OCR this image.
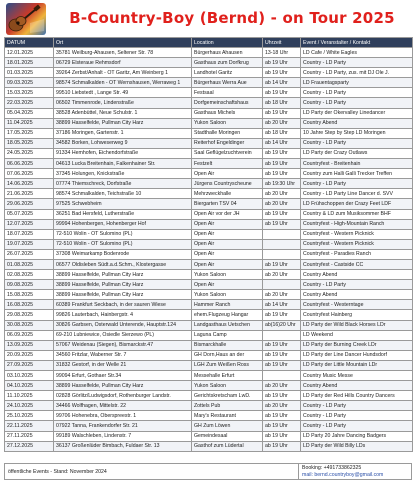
B-Country-Boy (Bernd) - on Tour 2025
DATUM	Ort	Location	Uhrzeit	Event / Veranstalter / Kontakt
12.01.2025	35781 Weilburg-Ahausen, Seltener Str. 78	Bürgerhaus Ahausen	13-18 Uhr	LD Cafe / White Eagles
18.01.2025	06729 Elsteraue Rehmsdorf	Gasthaus zum Dorfkrug	ab 19 Uhr	Country - LD Party
01.03.2025	39264 Zerbst/Anhalt - OT Garitz, Am Weinberg 1	Landhotel Garitz	ab 19 Uhr	Country - LD Party, zus. mit DJ Ole J.
09.03.2025	98574 Schmalkalden - OT Wernshausen, Werraweg 1	Bürgerhaus Werra Aue	ab 14 Uhr	LD Frauentagsparty
15.03.2025	99510 Liebstedt , Lange Str. 49	Festsaal	ab 19 Uhr	Country - LD Party
22.03.2025	06502 Timmenrode, Lindenstraße	Dorfgemeinschaftshaus	ab 18 Uhr	Country - LD Party
05.04.2025	38528 Adenbüttel, Neue Schulstr. 1	Gasthaus Michels	ab 19 Uhr	LD Party der Okervalley Linedancer
11.04.2025	38899 Hasselfelde, Pullman City Harz	Yukon Saloon	ab 20 Uhr	Country Abend
17.05.2025	37186 Moringen, Gartenstr. 1	Stadthalle Moringen	ab 18 Uhr	10 Jahre Step by Step LD Moringen
18.05.2025	34582 Borken, Lohweserweg 9	Reiterhof Engeldinger	ab 14 Uhr	Country - LD Party
24.05.2025	91334 Hemhofen, Eichendorfstraße	Saal Geflügelzuchtverein	ab 19 Uhr	LD Party der Crazy Outlaws
06.06.2025	04613 Lucka Breitenhain, Falkenhainer Str.	Festzelt	ab 19 Uhr	Countryfest - Breitenhain
07.06.2025	37345 Holungen, Knickstraße	Open Air	ab 19 Uhr	Country zum Halli Galli Trecker Treffen
14.06.2025	07774 Thiemschreck, Dorfstraße	Jürgens Countryscheune	ab 19:30 Uhr	Country - LD Party
21.06.2025	98574 Schmalkalden, Teichstraße 10	Mehrzweckhalle	ab 20 Uhr	Country - LD Party Line Dancer d. SVV
29.06.2025	97525 Schwebheim	Biergarten TSV 04	ab 20 Uhr	LD Frühschoppen der Crazy Feet LDF
05.07.2025	36251 Bad Hersfeld, Lutherstraße	Open Air vor der JH	ab 19 Uhr	Country & LD zum Musiksommer BHF
12.07.2025	99994 Hohenbergen, Hohenberger Hof	Open Air	ab 19 Uhr	Countryfest - High-Mountain Ranch
18.07.2025	72-510 Wolin - OT Sulomino (PL)	Open Air		Countryfest - Western Picknick
19.07.2025	72-510 Wolin - OT Sulomino (PL)	Open Air		Countryfest - Western Picknick
26.07.2025	37308 Weimarkamp Bodenrode	Open Air		Countryfest - Paradies Ranch
01.08.2025	06577 Oldisleben Südt.a.d.Schm., Klostergasse	Open Air	ab 19 Uhr	Countryfest - Castside CC
02.08.2025	38899 Hasselfelde, Pullman City Harz	Yukon Saloon	ab 20 Uhr	Country Abend
09.08.2025	38899 Hasselfelde, Pullman City Harz	Open Air		Country - LD Party
15.08.2025	38899 Hasselfelde, Pullman City Harz	Yukon Saloon	ab 20 Uhr	Country Abend
16.08.2025	60389 Frankfurt Seckbach, in der sauren Wiese	Hammer Ranch	ab 14 Uhr	Countryfest - Westerntage
29.08.2025	99826 Lauterbach, Hainbergstr. 4	ehem.Flugzeug Hangar	ab 19 Uhr	Countryfest Hainberg
30.08.2025	30826 Garbsen, Osterwald Unterende, Hauptstr.124	Landgasthaus Uetschen	ab(16)20 Uhr	LD Party der Wild Black Horses LDr
06.09.2025	69-210 Lubniewice, Osiedle Sierzewo (PL)	Laguna Camp		LD Weekend
13.09.2025	57067 Weidenau (Siegen), Bismarckstr.47	Bismarckhalle	ab 19 Uhr	LD Party der Burning Creek LDr
20.09.2025	34560 Fritzlar, Waberner Str. 7	GH Dorn,Haus an der	ab 19 Uhr	LD Party der Line Dancer Hundsdorf
27.09.2025	31832 Gestorf, in der Welle 21	LGH Zum Weißen Ross	ab 19 Uhr	LD Party der Little Mountain LDr
03.10.2025	99094 Erfurt, Gothaer Str.34	Messehalle Erfurt		Country Music Messe
04.10.2025	38899 Hasselfelde, Pullman City Harz	Yukon Saloon	ab 20 Uhr	Country Abend
11.10.2025	02828 Görlitz/Ludwigsdorf, Rothenburger Landstr.	Gerichtskretscham LwD.	ab 19 Uhr	LD Party der Red Hills Country Dancers
24.10.2025	34466 Wolfhagen, Mittelstr. 22	Zottels Pub	ab 20 Uhr	Country - LD Party
25.10.2025	99706 Hohenebra, Oberspreestr. 1	Mary's Restaurant	ab 19 Uhr	Country - LD Party
22.11.2025	07922 Tanna, Frankendorfer Str. 21	GH Zum Löwen	ab 19 Uhr	Country - LD Party
27.11.2025	99189 Walschleben, Lindenstr. 7	Gemeindesaal	ab 19 Uhr	LD Party 20 Jahre Dancing Badgers
27.12.2025	36137 Großenlüder Bimbach, Fuldaer Str. 13	Gasthof zum Lüdertal	ab 19 Uhr	LD Party der Wild Billy LDs
öffentliche Events - Stand: November 2024
Booking: +491733862325
mail: bernd.countryboy@gmail.com
